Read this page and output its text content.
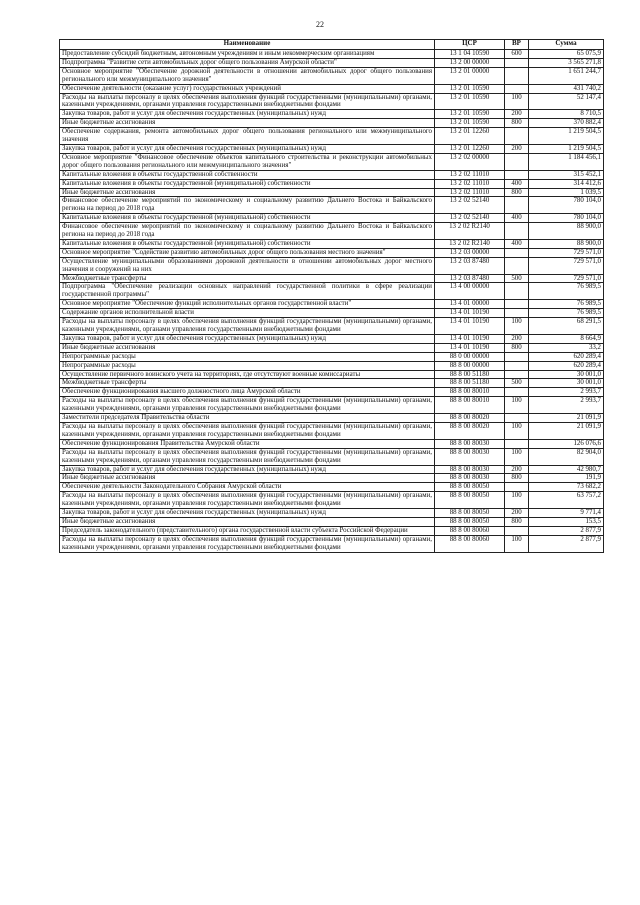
22
Наименование	ЦСР	ВР	Сумма
Предоставление субсидий бюджетным, автономным учреждениям и иным некоммерческим организациям	13 1 04 10590	600	65 075,9
Подпрограмма "Развитие сети автомобильных дорог общего пользования Амурской области"	13 2 00 00000		3 565 271,8
Основное мероприятие "Обеспечение дорожной деятельности в отношении автомобильных дорог общего пользования регионального или межмуниципального значения"	13 2 01 00000		1 651 244,7
Обеспечение деятельности (оказание услуг) государственных учреждений	13 2 01 10590		431 740,2
Расходы на выплаты персоналу в целях обеспечения выполнения функций государственными (муниципальными) органами, казенными учреждениями, органами управления государственными внебюджетными фондами	13 2 01 10590	100	52 147,4
Закупка товаров, работ и услуг для обеспечения государственных (муниципальных) нужд	13 2 01 10590	200	8 710,5
Иные бюджетные ассигнования	13 2 01 10590	800	370 882,4
Обеспечение содержания, ремонта автомобильных дорог общего пользования регионального или межмуниципального значения	13 2 01 12260		1 219 504,5
Закупка товаров, работ и услуг для обеспечения государственных (муниципальных) нужд	13 2 01 12260	200	1 219 504,5
Основное мероприятие "Финансовое обеспечение объектов капитального строительства и реконструкции автомобильных дорог общего пользования регионального или межмуниципального значения"	13 2 02 00000		1 184 456,1
Капитальные вложения в объекты государственной собственности	13 2 02 11010		315 452,1
Капитальные вложения в объекты государственной (муниципальной) собственности	13 2 02 11010	400	314 412,6
Иные бюджетные ассигнования	13 2 02 11010	800	1 039,5
Финансовое обеспечение мероприятий по экономическому и социальному развитию Дальнего Востока и Байкальского региона на период до 2018 года	13 2 02 52140		780 104,0
Капитальные вложения в объекты государственной (муниципальной) собственности	13 2 02 52140	400	780 104,0
Финансовое обеспечение мероприятий по экономическому и социальному развитию Дальнего Востока и Байкальского региона на период до 2018 года	13 2 02 R2140		88 900,0
Капитальные вложения в объекты государственной (муниципальной) собственности	13 2 02 R2140	400	88 900,0
Основное мероприятие "Содействие развитию автомобильных дорог общего пользования местного значения"	13 2 03 00000		729 571,0
Осуществление муниципальными образованиями дорожной деятельности в отношении автомобильных дорог местного значения и сооружений на них	13 2 03 87480		729 571,0
Межбюджетные трансферты	13 2 03 87480	500	729 571,0
Подпрограмма "Обеспечение реализации основных направлений государственной политики в сфере реализации государственной программы"	13 4 00 00000		76 989,5
Основное мероприятие "Обеспечение функций исполнительных органов государственной власти"	13 4 01 00000		76 989,5
Содержание органов исполнительной власти	13 4 01 10190		76 989,5
Расходы на выплаты персоналу в целях обеспечения выполнения функций государственными (муниципальными) органами, казенными учреждениями, органами управления государственными внебюджетными фондами	13 4 01 10190	100	68 291,5
Закупка товаров, работ и услуг для обеспечения государственных (муниципальных) нужд	13 4 01 10190	200	8 664,9
Иные бюджетные ассигнования	13 4 01 10190	800	33,2
Непрограммные расходы	88 0 00 00000		620 289,4
Непрограммные расходы	88 8 00 00000		620 289,4
Осуществление первичного воинского учета на территориях, где отсутствуют военные комиссариаты	88 8 00 51180		30 001,0
Межбюджетные трансферты	88 8 00 51180	500	30 001,0
Обеспечение функционирования высшего должностного лица Амурской области	88 8 00 80010		2 993,7
Расходы на выплаты персоналу в целях обеспечения выполнения функций государственными (муниципальными) органами, казенными учреждениями, органами управления государственными внебюджетными фондами	88 8 00 80010	100	2 993,7
Заместители председателя Правительства области	88 8 00 80020		21 091,9
Расходы на выплаты персоналу в целях обеспечения выполнения функций государственными (муниципальными) органами, казенными учреждениями, органами управления государственными внебюджетными фондами	88 8 00 80020	100	21 091,9
Обеспечение функционирования Правительства Амурской области	88 8 00 80030		126 076,6
Расходы на выплаты персоналу в целях обеспечения выполнения функций государственными (муниципальными) органами, казенными учреждениями, органами управления государственными внебюджетными фондами	88 8 00 80030	100	82 904,0
Закупка товаров, работ и услуг для обеспечения государственных (муниципальных) нужд	88 8 00 80030	200	42 980,7
Иные бюджетные ассигнования	88 8 00 80030	800	191,9
Обеспечение деятельности Законодательного Собрания Амурской области	88 8 00 80050		73 682,2
Расходы на выплаты персоналу в целях обеспечения выполнения функций государственными (муниципальными) органами, казенными учреждениями, органами управления государственными внебюджетными фондами	88 8 00 80050	100	63 757,2
Закупка товаров, работ и услуг для обеспечения государственных (муниципальных) нужд	88 8 00 80050	200	9 771,4
Иные бюджетные ассигнования	88 8 00 80050	800	153,5
Председатель законодательного (представительного) органа государственной власти субъекта Российской Федерации	88 8 00 80060		2 877,9
Расходы на выплаты персоналу в целях обеспечения выполнения функций государственными (муниципальными) органами, казенными учреждениями, органами управления государственными внебюджетными фондами	88 8 00 80060	100	2 877,9
